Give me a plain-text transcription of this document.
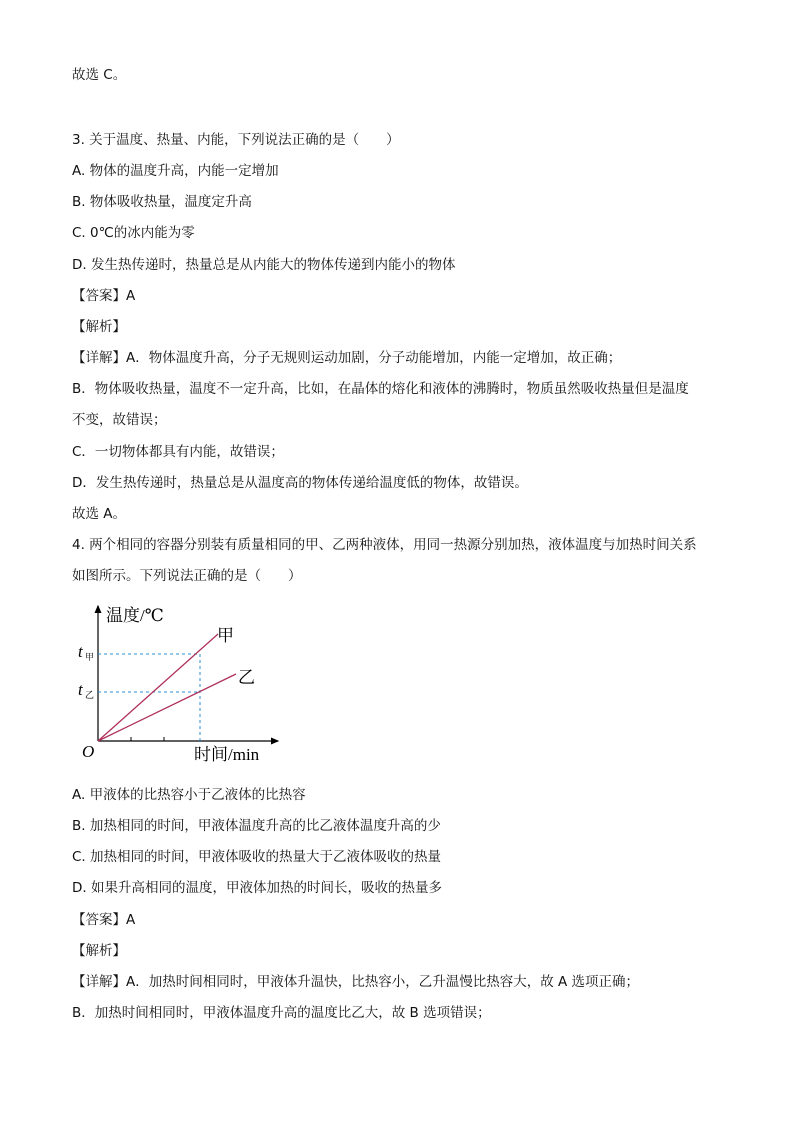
故选 C。
3. 关于温度、热量、内能，下列说法正确的是（　　）
A. 物体的温度升高，内能一定增加
B. 物体吸收热量，温度定升高
C. 0℃的冰内能为零
D. 发生热传递时，热量总是从内能大的物体传递到内能小的物体
【答案】A
【解析】
【详解】A．物体温度升高，分子无规则运动加剧，分子动能增加，内能一定增加，故正确；
B．物体吸收热量，温度不一定升高，比如，在晶体的熔化和液体的沸腾时，物质虽然吸收热量但是温度
不变，故错误；
C．一切物体都具有内能，故错误；
D．发生热传递时，热量总是从温度高的物体传递给温度低的物体，故错误。
故选 A。
4. 两个相同的容器分别装有质量相同的甲、乙两种液体，用同一热源分别加热，液体温度与加热时间关系
如图所示。下列说法正确的是（　　）
温度/℃
时间/min
O
t 甲
t 乙
甲
乙
A. 甲液体的比热容小于乙液体的比热容
B. 加热相同的时间，甲液体温度升高的比乙液体温度升高的少
C. 加热相同的时间，甲液体吸收的热量大于乙液体吸收的热量
D. 如果升高相同的温度，甲液体加热的时间长，吸收的热量多
【答案】A
【解析】
【详解】A．加热时间相同时，甲液体升温快，比热容小，乙升温慢比热容大，故 A 选项正确；
B．加热时间相同时，甲液体温度升高的温度比乙大，故 B 选项错误；
